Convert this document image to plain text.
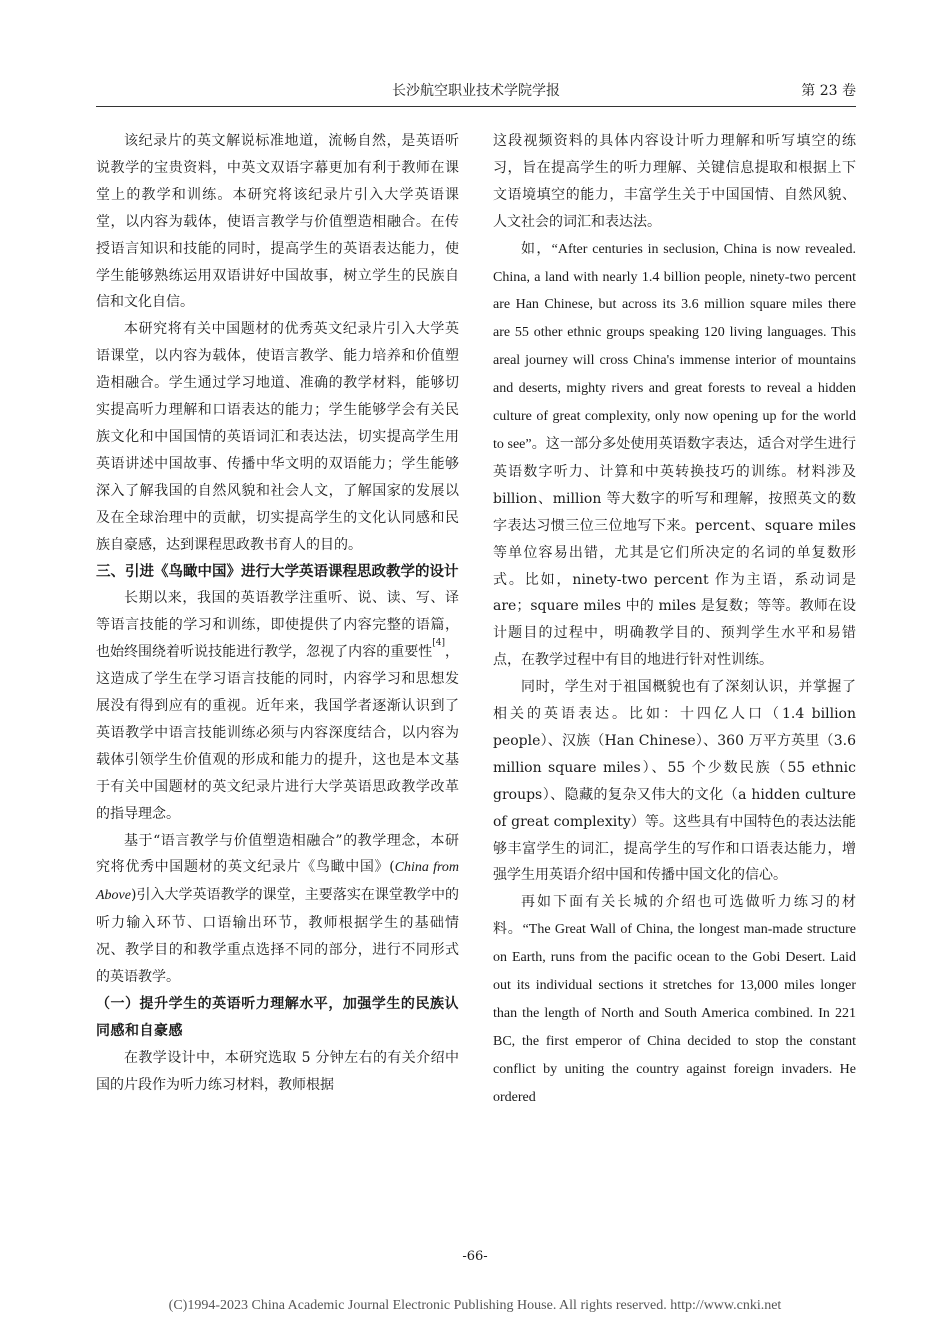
长沙航空职业技术学院学报	第 23 卷

该纪录片的英文解说标准地道，流畅自然，是英语听说教学的宝贵资料，中英文双语字幕更加有利于教师在课堂上的教学和训练。本研究将该纪录片引入大学英语课堂，以内容为载体，使语言教学与价值塑造相融合。在传授语言知识和技能的同时，提高学生的英语表达能力，使学生能够熟练运用双语讲好中国故事，树立学生的民族自信和文化自信。

本研究将有关中国题材的优秀英文纪录片引入大学英语课堂，以内容为载体，使语言教学、能力培养和价值塑造相融合。学生通过学习地道、准确的教学材料，能够切实提高听力理解和口语表达的能力；学生能够学会有关民族文化和中国国情的英语词汇和表达法，切实提高学生用英语讲述中国故事、传播中华文明的双语能力；学生能够深入了解我国的自然风貌和社会人文，了解国家的发展以及在全球治理中的贡献，切实提高学生的文化认同感和民族自豪感，达到课程思政教书育人的目的。

三、引进《鸟瞰中国》进行大学英语课程思政教学的设计

长期以来，我国的英语教学注重听、说、读、写、译等语言技能的学习和训练，即使提供了内容完整的语篇，也始终围绕着听说技能进行教学，忽视了内容的重要性[4]，这造成了学生在学习语言技能的同时，内容学习和思想发展没有得到应有的重视。近年来，我国学者逐渐认识到了英语教学中语言技能训练必须与内容深度结合，以内容为载体引领学生价值观的形成和能力的提升，这也是本文基于有关中国题材的英文纪录片进行大学英语思政教学改革的指导理念。

基于“语言教学与价值塑造相融合”的教学理念，本研究将优秀中国题材的英文纪录片《鸟瞰中国》(China from Above)引入大学英语教学的课堂，主要落实在课堂教学中的听力输入环节、口语输出环节，教师根据学生的基础情况、教学目的和教学重点选择不同的部分，进行不同形式的英语教学。

（一）提升学生的英语听力理解水平，加强学生的民族认同感和自豪感

在教学设计中，本研究选取 5 分钟左右的有关介绍中国的片段作为听力练习材料，教师根据

这段视频资料的具体内容设计听力理解和听写填空的练习，旨在提高学生的听力理解、关键信息提取和根据上下文语境填空的能力，丰富学生关于中国国情、自然风貌、人文社会的词汇和表达法。

如，“After centuries in seclusion, China is now revealed. China, a land with nearly 1.4 billion people, ninety-two percent are Han Chinese, but across its 3.6 million square miles there are 55 other ethnic groups speaking 120 living languages. This areal journey will cross China's immense interior of mountains and deserts, mighty rivers and great forests to reveal a hidden culture of great complexity, only now opening up for the world to see”。这一部分多处使用英语数字表达，适合对学生进行英语数字听力、计算和中英转换技巧的训练。材料涉及 billion、million 等大数字的听写和理解，按照英文的数字表达习惯三位三位地写下来。percent、square miles 等单位容易出错，尤其是它们所决定的名词的单复数形式。比如，ninety-two percent 作为主语，系动词是 are；square miles 中的 miles 是复数；等等。教师在设计题目的过程中，明确教学目的、预判学生水平和易错点，在教学过程中有目的地进行针对性训练。

同时，学生对于祖国概貌也有了深刻认识，并掌握了相关的英语表达。比如：十四亿人口（1.4 billion people）、汉族（Han Chinese）、360 万平方英里（3.6 million square miles）、55 个少数民族（55 ethnic groups）、隐藏的复杂又伟大的文化（a hidden culture of great complexity）等。这些具有中国特色的表达法能够丰富学生的词汇，提高学生的写作和口语表达能力，增强学生用英语介绍中国和传播中国文化的信心。

再如下面有关长城的介绍也可选做听力练习的材料。“The Great Wall of China, the longest man-made structure on Earth, runs from the pacific ocean to the Gobi Desert. Laid out its individual sections it stretches for 13,000 miles longer than the length of North and South America combined. In 221 BC, the first emperor of China decided to stop the constant conflict by uniting the country against foreign invaders. He ordered

-66-
(C)1994-2023 China Academic Journal Electronic Publishing House. All rights reserved. http://www.cnki.net
